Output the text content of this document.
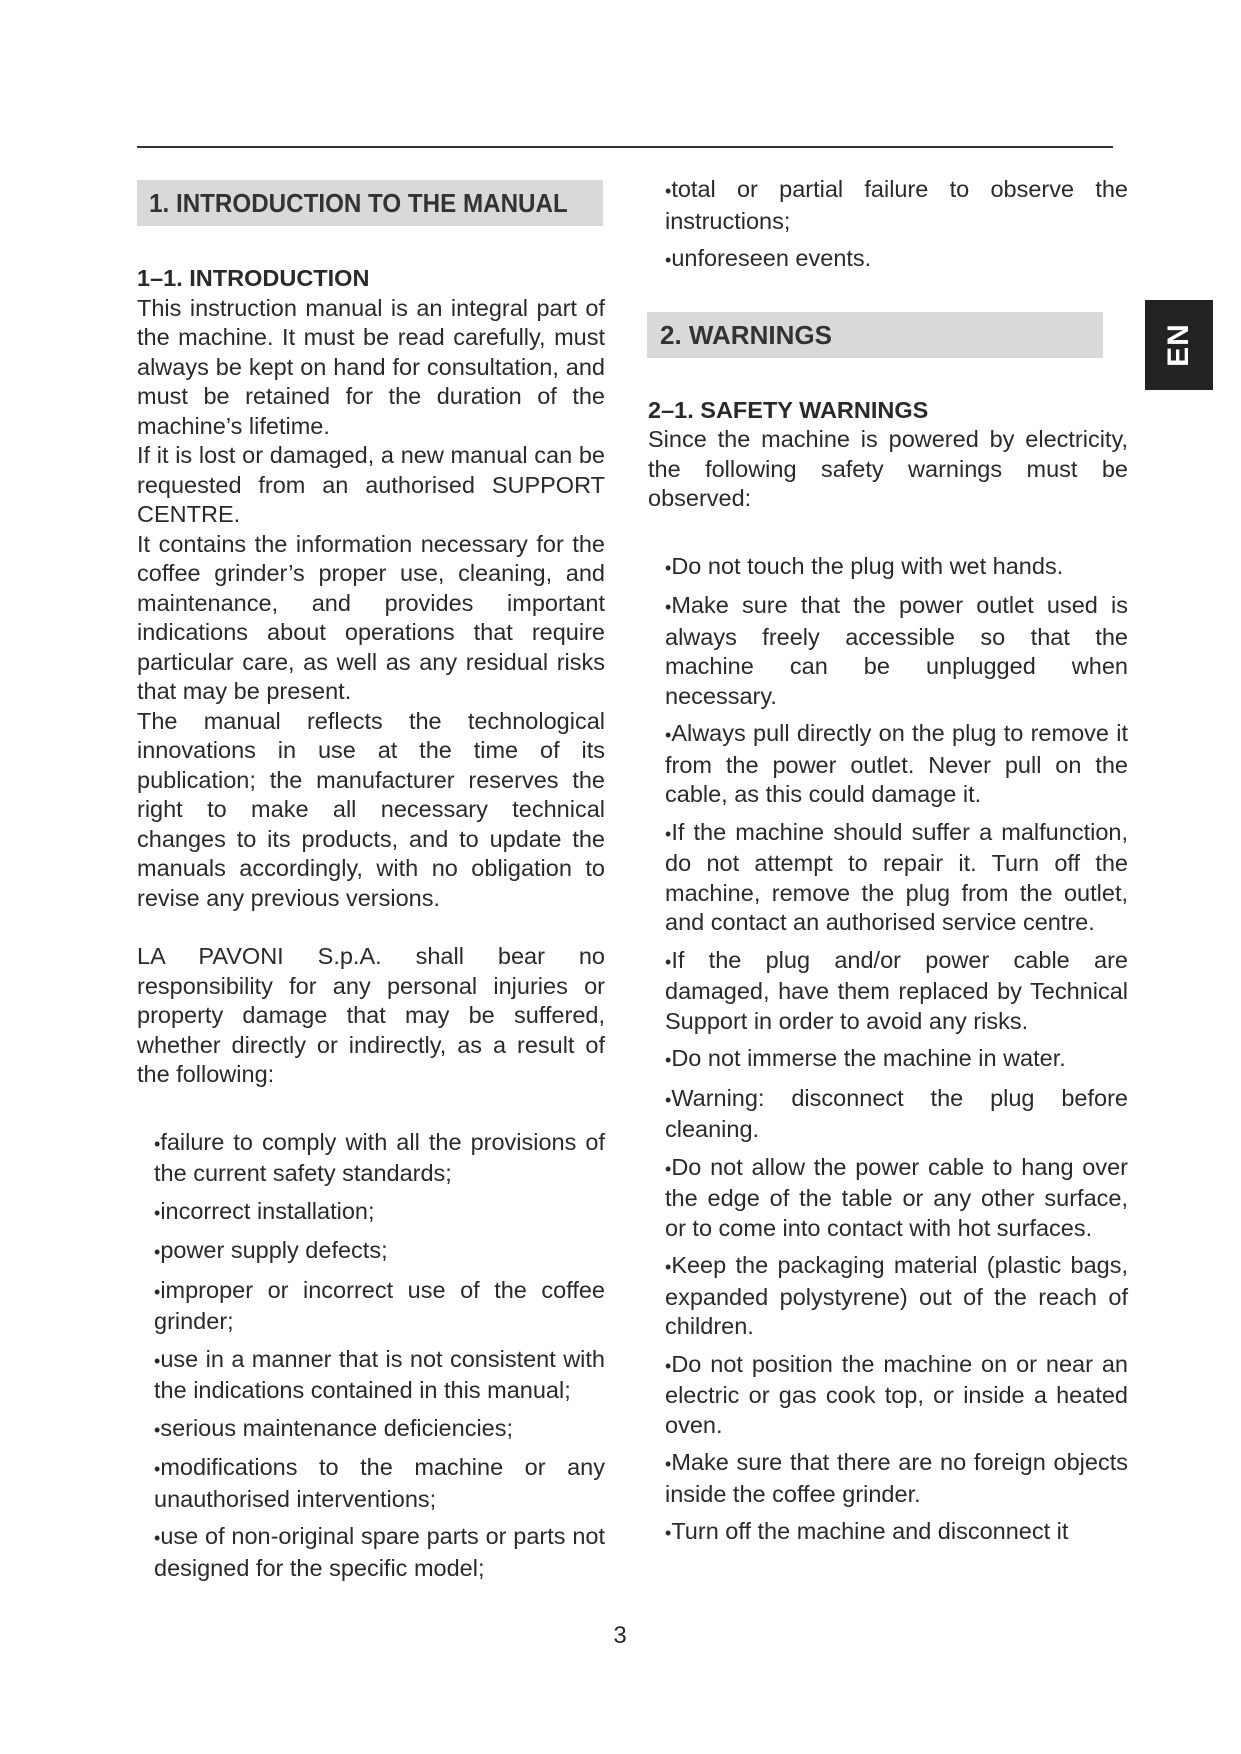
1. INTRODUCTION TO THE MANUAL
1–1. INTRODUCTION

This instruction manual is an integral part of the machine. It must be read carefully, must always be kept on hand for consultation, and must be retained for the duration of the machine’s lifetime.

If it is lost or damaged, a new manual can be requested from an authorised SUPPORT CENTRE.

It contains the information necessary for the coffee grinder’s proper use, cleaning, and maintenance, and provides important indications about operations that require particular care, as well as any residual risks that may be present.

The manual reflects the technological innovations in use at the time of its publication; the manufacturer reserves the right to make all necessary technical changes to its products, and to update the manuals accordingly, with no obligation to revise any previous versions.

LA PAVONI S.p.A. shall bear no responsibility for any personal injuries or property damage that may be suffered, whether directly or indirectly, as a result of the following:

• failure to comply with all the provisions of the current safety standards;
• incorrect installation;
• power supply defects;
• improper or incorrect use of the coffee grinder;
• use in a manner that is not consistent with the indications contained in this manual;
• serious maintenance deficiencies;
• modifications to the machine or any unauthorised interventions;
• use of non-original spare parts or parts not designed for the specific model;
• total or partial failure to observe the instructions;
• unforeseen events.
2. WARNINGS
2–1. SAFETY WARNINGS

Since the machine is powered by electricity, the following safety warnings must be observed:

• Do not touch the plug with wet hands.
• Make sure that the power outlet used is always freely accessible so that the machine can be unplugged when necessary.
• Always pull directly on the plug to remove it from the power outlet. Never pull on the cable, as this could damage it.
• If the machine should suffer a malfunction, do not attempt to repair it. Turn off the machine, remove the plug from the outlet, and contact an authorised service centre.
• If the plug and/or power cable are damaged, have them replaced by Technical Support in order to avoid any risks.
• Do not immerse the machine in water.
• Warning: disconnect the plug before cleaning.
• Do not allow the power cable to hang over the edge of the table or any other surface, or to come into contact with hot surfaces.
• Keep the packaging material (plastic bags, expanded polystyrene) out of the reach of children.
• Do not position the machine on or near an electric or gas cook top, or inside a heated oven.
• Make sure that there are no foreign objects inside the coffee grinder.
• Turn off the machine and disconnect it
EN
3
